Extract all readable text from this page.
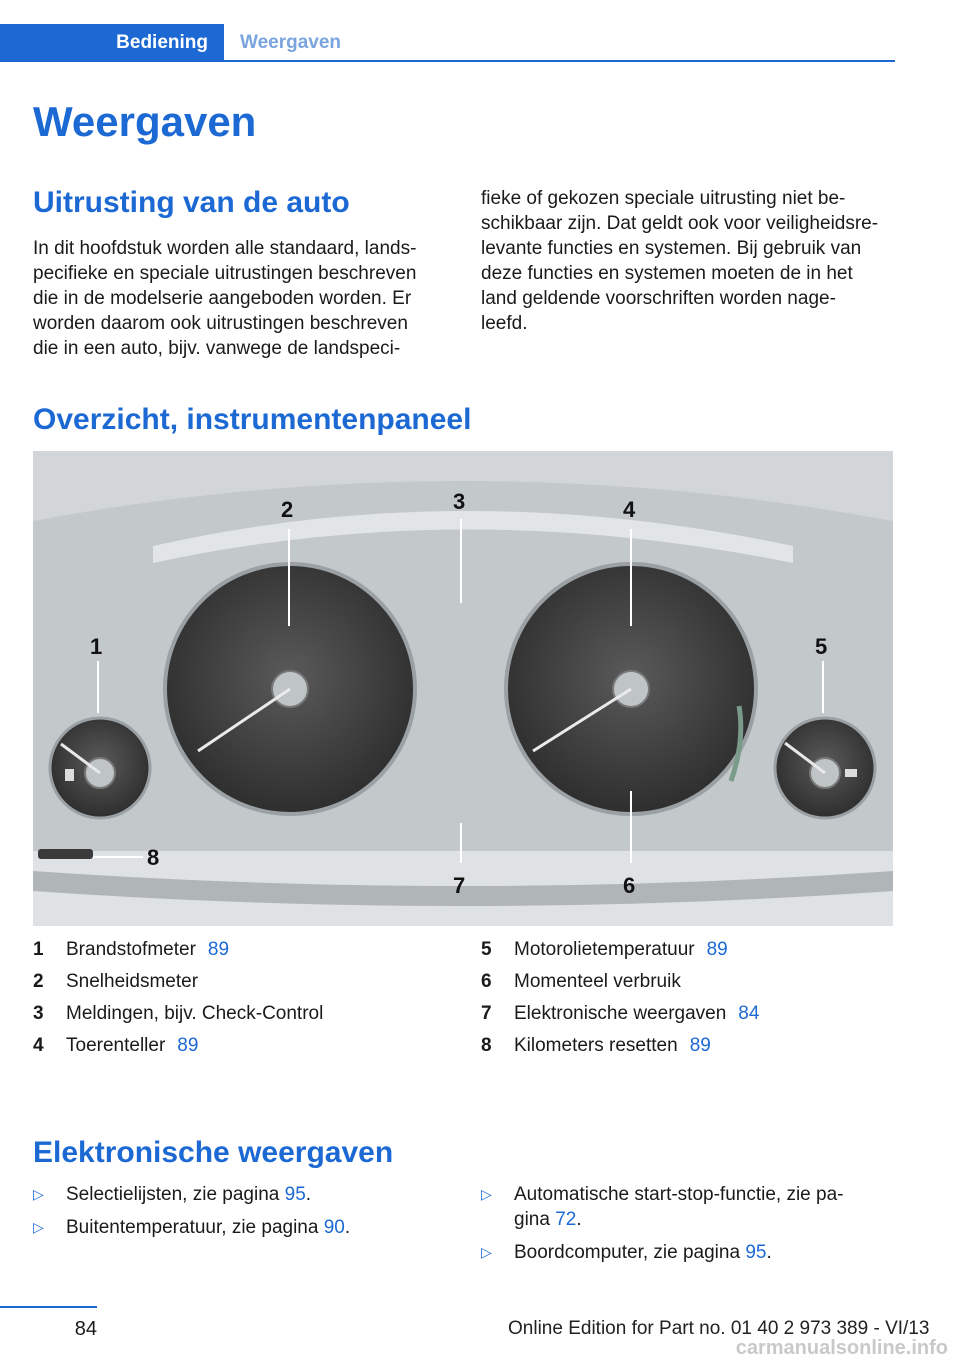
Bediening	Weergaven
Weergaven
Uitrusting van de auto
In dit hoofdstuk worden alle standaard, lands-
pecifieke en speciale uitrustingen beschreven
die in de modelserie aangeboden worden. Er
worden daarom ook uitrustingen beschreven
die in een auto, bijv. vanwege de landspeci-
fieke of gekozen speciale uitrusting niet be-
schikbaar zijn. Dat geldt ook voor veiligheidsre-
levante functies en systemen. Bij gebruik van
deze functies en systemen moeten de in het
land geldende voorschriften worden nage-
leefd.
Overzicht, instrumentenpaneel
1
2	3	4
5
6
7
8
1 Brandstofmeter 89
2 Snelheidsmeter
3 Meldingen, bijv. Check-Control
4 Toerenteller 89
5 Motorolietemperatuur 89
6 Momenteel verbruik
7 Elektronische weergaven 84
8 Kilometers resetten 89
Elektronische weergaven
▷ Selectielijsten, zie pagina 95.
▷ Buitentemperatuur, zie pagina 90.
▷ Automatische start-stop-functie, zie pa-
gina 72.
▷ Boordcomputer, zie pagina 95.
84	Online Edition for Part no. 01 40 2 973 389 - VI/13
carmanualsonline.info
